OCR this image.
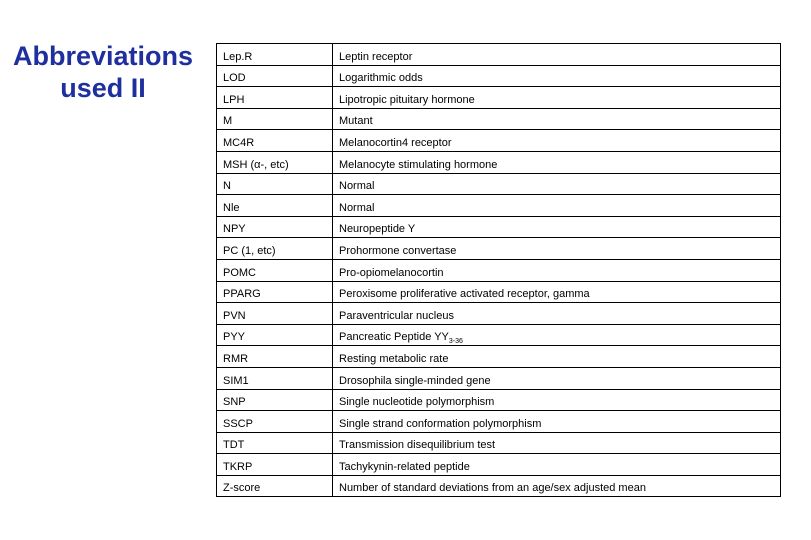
Abbreviations
used II
Lep.R	Leptin receptor
LOD	Logarithmic odds
LPH	Lipotropic pituitary hormone
M	Mutant
MC4R	Melanocortin4 receptor
MSH (α-, etc)	Melanocyte stimulating hormone
N	Normal
Nle	Normal
NPY	Neuropeptide Y
PC (1, etc)	Prohormone convertase
POMC	Pro-opiomelanocortin
PPARG	Peroxisome proliferative activated receptor, gamma
PVN	Paraventricular nucleus
PYY	Pancreatic Peptide $YY_{3-36}$
RMR	Resting metabolic rate
SIM1	Drosophila single-minded gene
SNP	Single nucleotide polymorphism
SSCP	Single strand conformation polymorphism
TDT	Transmission disequilibrium test
TKRP	Tachykynin-related peptide
Z-score	Number of standard deviations from an age/sex adjusted mean
